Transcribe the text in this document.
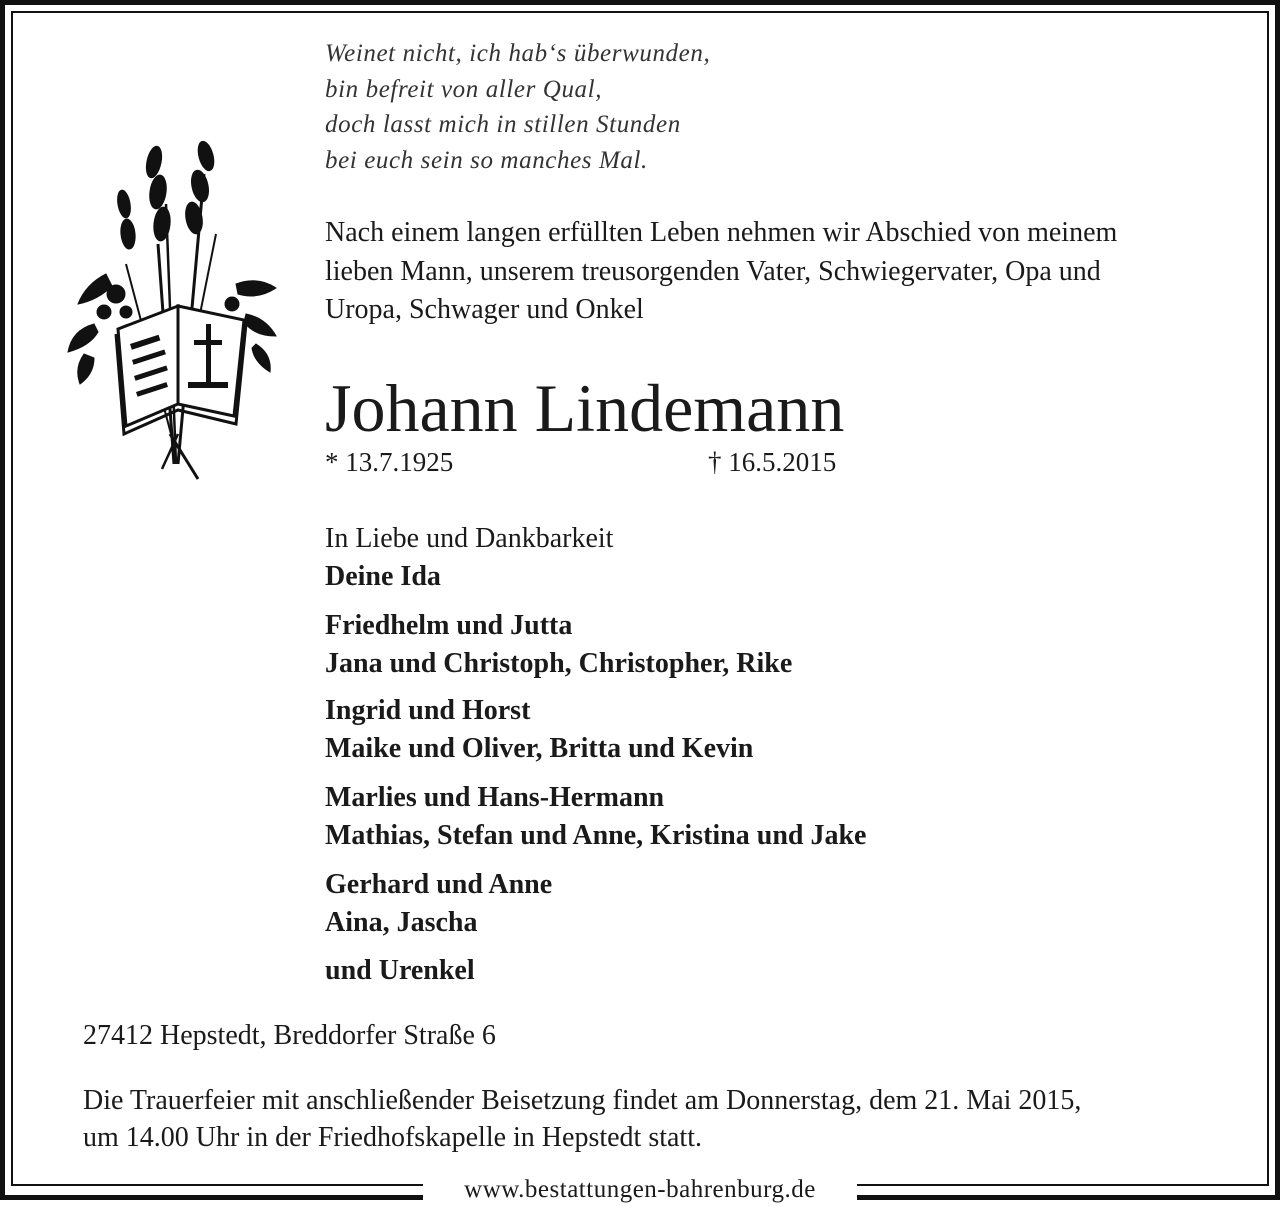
www.bestattungen-bahrenburg.de
Weinet nicht, ich hab‘s überwunden,
bin befreit von aller Qual,
doch lasst mich in stillen Stunden
bei euch sein so manches Mal.
Nach einem langen erfüllten Leben nehmen wir Abschied von meinem
lieben Mann, unserem treusorgenden Vater, Schwiegervater, Opa und
Uropa, Schwager und Onkel
Johann Lindemann
* 13.7.1925	† 16.5.2015
In Liebe und Dankbarkeit
Deine Ida
Friedhelm und Jutta
Jana und Christoph, Christopher, Rike
Ingrid und Horst
Maike und Oliver, Britta und Kevin
Marlies und Hans-Hermann
Mathias, Stefan und Anne, Kristina und Jake
Gerhard und Anne
Aina, Jascha
und Urenkel
27412 Hepstedt, Breddorfer Straße 6
Die Trauerfeier mit anschließender Beisetzung findet am Donnerstag, dem 21. Mai 2015,
um 14.00 Uhr in der Friedhofskapelle in Hepstedt statt.
